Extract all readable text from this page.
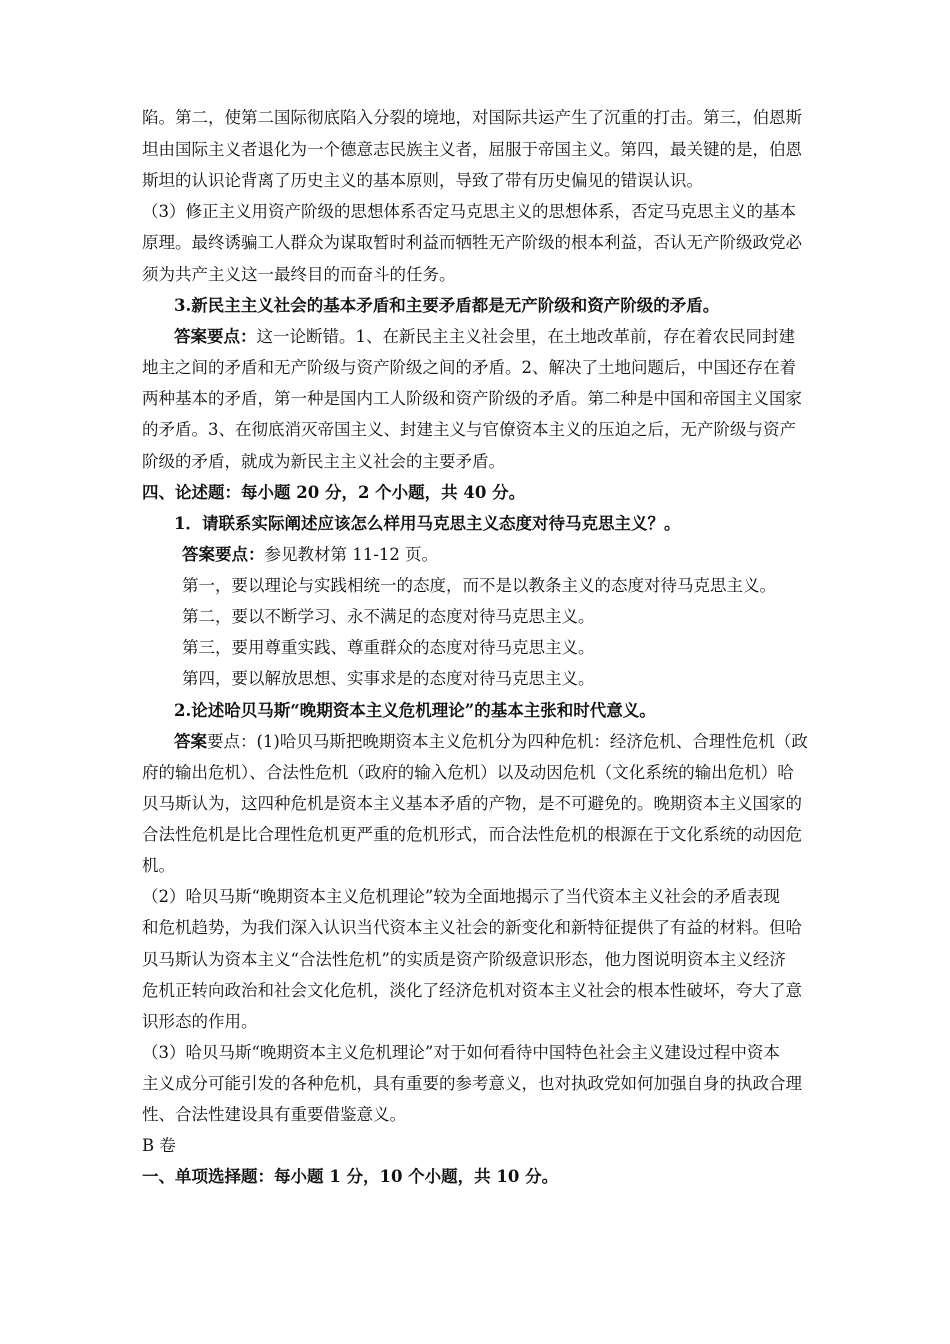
陷。第二，使第二国际彻底陷入分裂的境地，对国际共运产生了沉重的打击。第三，伯恩斯
坦由国际主义者退化为一个德意志民族主义者，屈服于帝国主义。第四，最关键的是，伯恩
斯坦的认识论背离了历史主义的基本原则，导致了带有历史偏见的错误认识。
（3）修正主义用资产阶级的思想体系否定马克思主义的思想体系，否定马克思主义的基本
原理。最终诱骗工人群众为谋取暂时利益而牺牲无产阶级的根本利益，否认无产阶级政党必
须为共产主义这一最终目的而奋斗的任务。
3.新民主主义社会的基本矛盾和主要矛盾都是无产阶级和资产阶级的矛盾。
答案要点：这一论断错。1、在新民主主义社会里，在土地改革前，存在着农民同封建
地主之间的矛盾和无产阶级与资产阶级之间的矛盾。2、解决了土地问题后，中国还存在着
两种基本的矛盾，第一种是国内工人阶级和资产阶级的矛盾。第二种是中国和帝国主义国家
的矛盾。3、在彻底消灭帝国主义、封建主义与官僚资本主义的压迫之后，无产阶级与资产
阶级的矛盾，就成为新民主主义社会的主要矛盾。
四、论述题：每小题 20 分，2 个小题，共 40 分。
1．请联系实际阐述应该怎么样用马克思主义态度对待马克思主义？。
答案要点：参见教材第 11-12 页。
第一，要以理论与实践相统一的态度，而不是以教条主义的态度对待马克思主义。
第二，要以不断学习、永不满足的态度对待马克思主义。
第三，要用尊重实践、尊重群众的态度对待马克思主义。
第四，要以解放思想、实事求是的态度对待马克思主义。
2.论述哈贝马斯“晚期资本主义危机理论”的基本主张和时代意义。
答案要点：(1)哈贝马斯把晚期资本主义危机分为四种危机：经济危机、合理性危机（政
府的输出危机）、合法性危机（政府的输入危机）以及动因危机（文化系统的输出危机）哈
贝马斯认为，这四种危机是资本主义基本矛盾的产物，是不可避免的。晚期资本主义国家的
合法性危机是比合理性危机更严重的危机形式，而合法性危机的根源在于文化系统的动因危
机。
（2）哈贝马斯“晚期资本主义危机理论”较为全面地揭示了当代资本主义社会的矛盾表现
和危机趋势，为我们深入认识当代资本主义社会的新变化和新特征提供了有益的材料。但哈
贝马斯认为资本主义“合法性危机”的实质是资产阶级意识形态，他力图说明资本主义经济
危机正转向政治和社会文化危机，淡化了经济危机对资本主义社会的根本性破坏，夸大了意
识形态的作用。
（3）哈贝马斯“晚期资本主义危机理论”对于如何看待中国特色社会主义建设过程中资本
主义成分可能引发的各种危机，具有重要的参考意义，也对执政党如何加强自身的执政合理
性、合法性建设具有重要借鉴意义。
B 卷
一、单项选择题：每小题 1 分，10 个小题，共 10 分。
